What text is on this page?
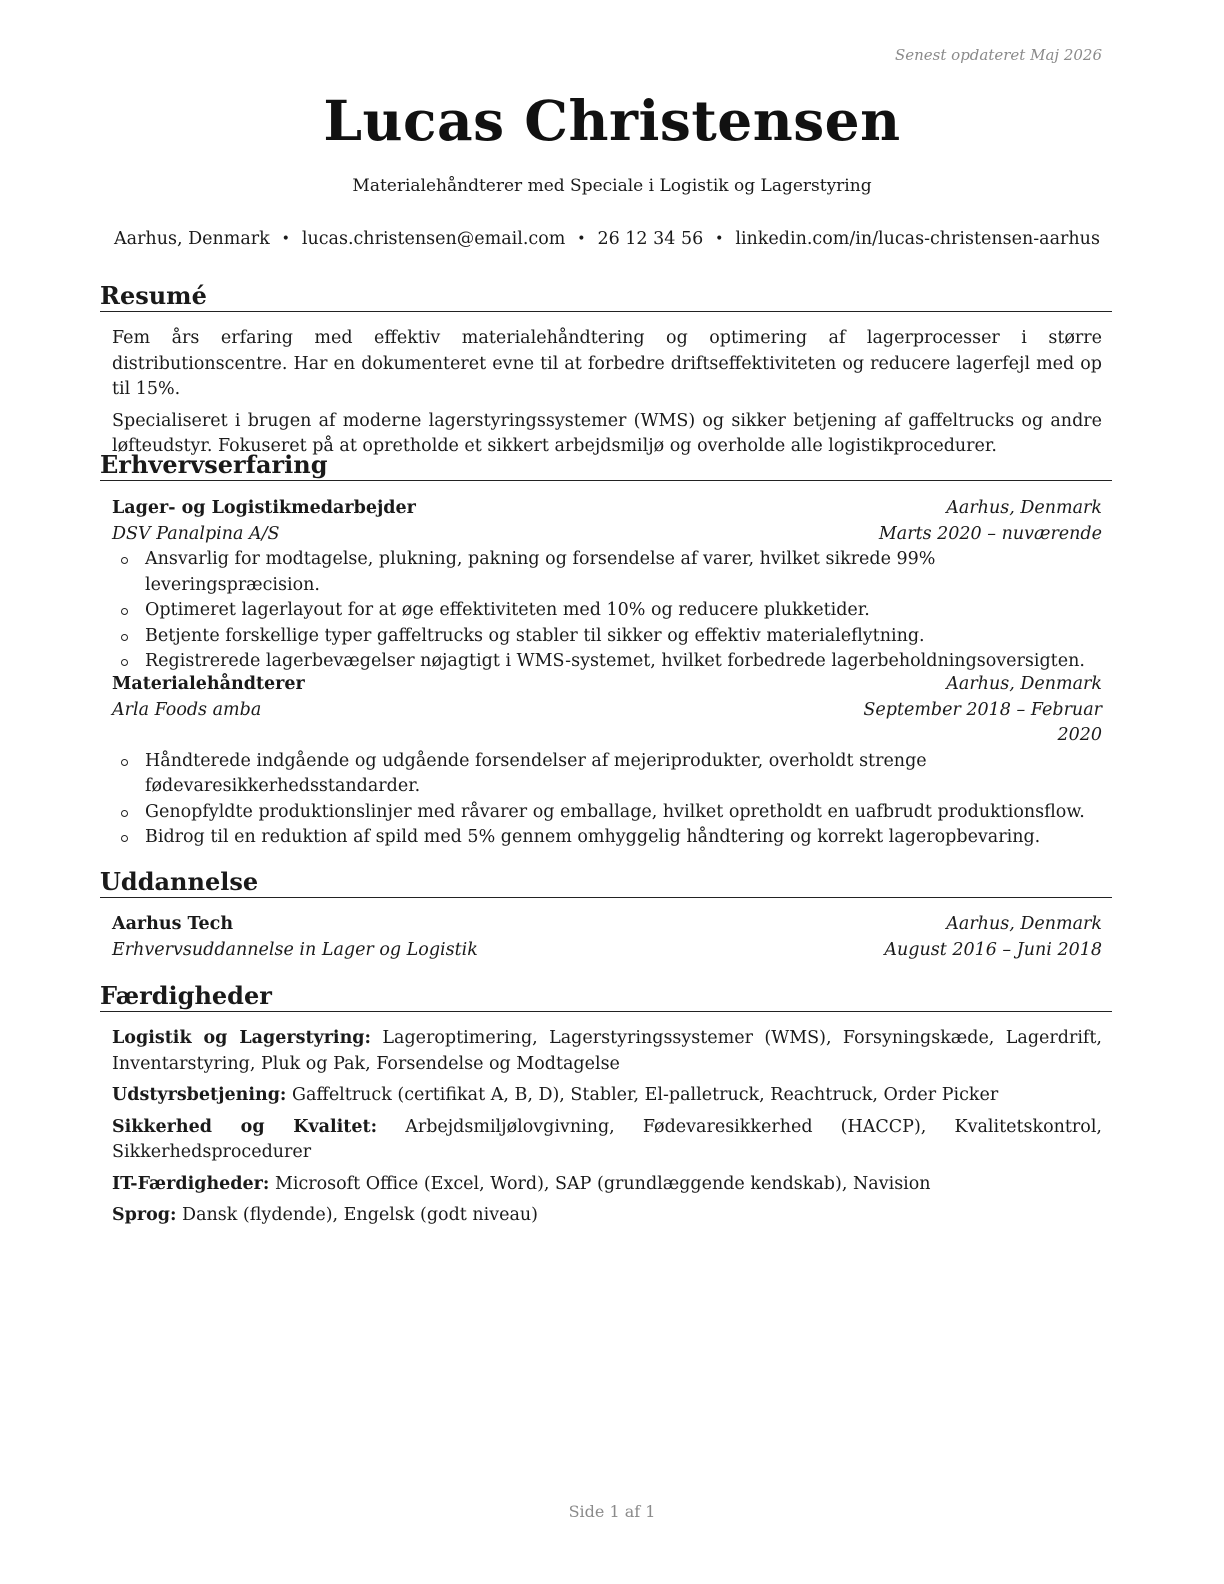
Senest opdateret Maj 2026
Lucas Christensen
Materialehåndterer med Speciale i Logistik og Lagerstyring
Aarhus, Denmark • lucas.christensen@email.com • 26 12 34 56 • linkedin.com/in/lucas-christensen-aarhus
Resumé

Fem års erfaring med effektiv materialehåndtering og optimering af lagerprocesser i større distributionscentre. Har en dokumenteret evne til at forbedre driftseffektiviteten og reducere lagerfejl med op til 15%.

Specialiseret i brugen af moderne lagerstyringssystemer (WMS) og sikker betjening af gaffeltrucks og andre løfteudstyr. Fokuseret på at opretholde et sikkert arbejdsmiljø og overholde alle logistikprocedurer.

Erhvervserfaring
Lager- og Logistikmedarbejder	Aarhus, Denmark
DSV Panalpina A/S	Marts 2020 – nuværende
Ansvarlig for modtagelse, plukning, pakning og forsendelse af varer, hvilket sikrede 99% leveringspræcision.
Optimeret lagerlayout for at øge effektiviteten med 10% og reducere plukketider.
Betjente forskellige typer gaffeltrucks og stabler til sikker og effektiv materialeflytning.
Registrerede lagerbevægelser nøjagtigt i WMS-systemet, hvilket forbedrede lagerbeholdningsoversigten.
Materialehåndterer	Aarhus, Denmark
Arla Foods amba	September 2018 – Februar
2020
Håndterede indgående og udgående forsendelser af mejeriprodukter, overholdt strenge fødevaresikkerhedsstandarder.
Genopfyldte produktionslinjer med råvarer og emballage, hvilket opretholdt en uafbrudt produktionsflow.
Bidrog til en reduktion af spild med 5% gennem omhyggelig håndtering og korrekt lageropbevaring.
Uddannelse
Aarhus Tech	Aarhus, Denmark
Erhvervsuddannelse in Lager og Logistik	August 2016 – Juni 2018
Færdigheder

Logistik og Lagerstyring: Lageroptimering, Lagerstyringssystemer (WMS), Forsyningskæde, Lagerdrift, Inventarstyring, Pluk og Pak, Forsendelse og Modtagelse

Udstyrsbetjening: Gaffeltruck (certifikat A, B, D), Stabler, El-palletruck, Reachtruck, Order Picker

Sikkerhed og Kvalitet: Arbejdsmiljølovgivning, Fødevaresikkerhed (HACCP), Kvalitetskontrol, Sikkerhedsprocedurer

IT-Færdigheder: Microsoft Office (Excel, Word), SAP (grundlæggende kendskab), Navision

Sprog: Dansk (flydende), Engelsk (godt niveau)

Side 1 af 1
